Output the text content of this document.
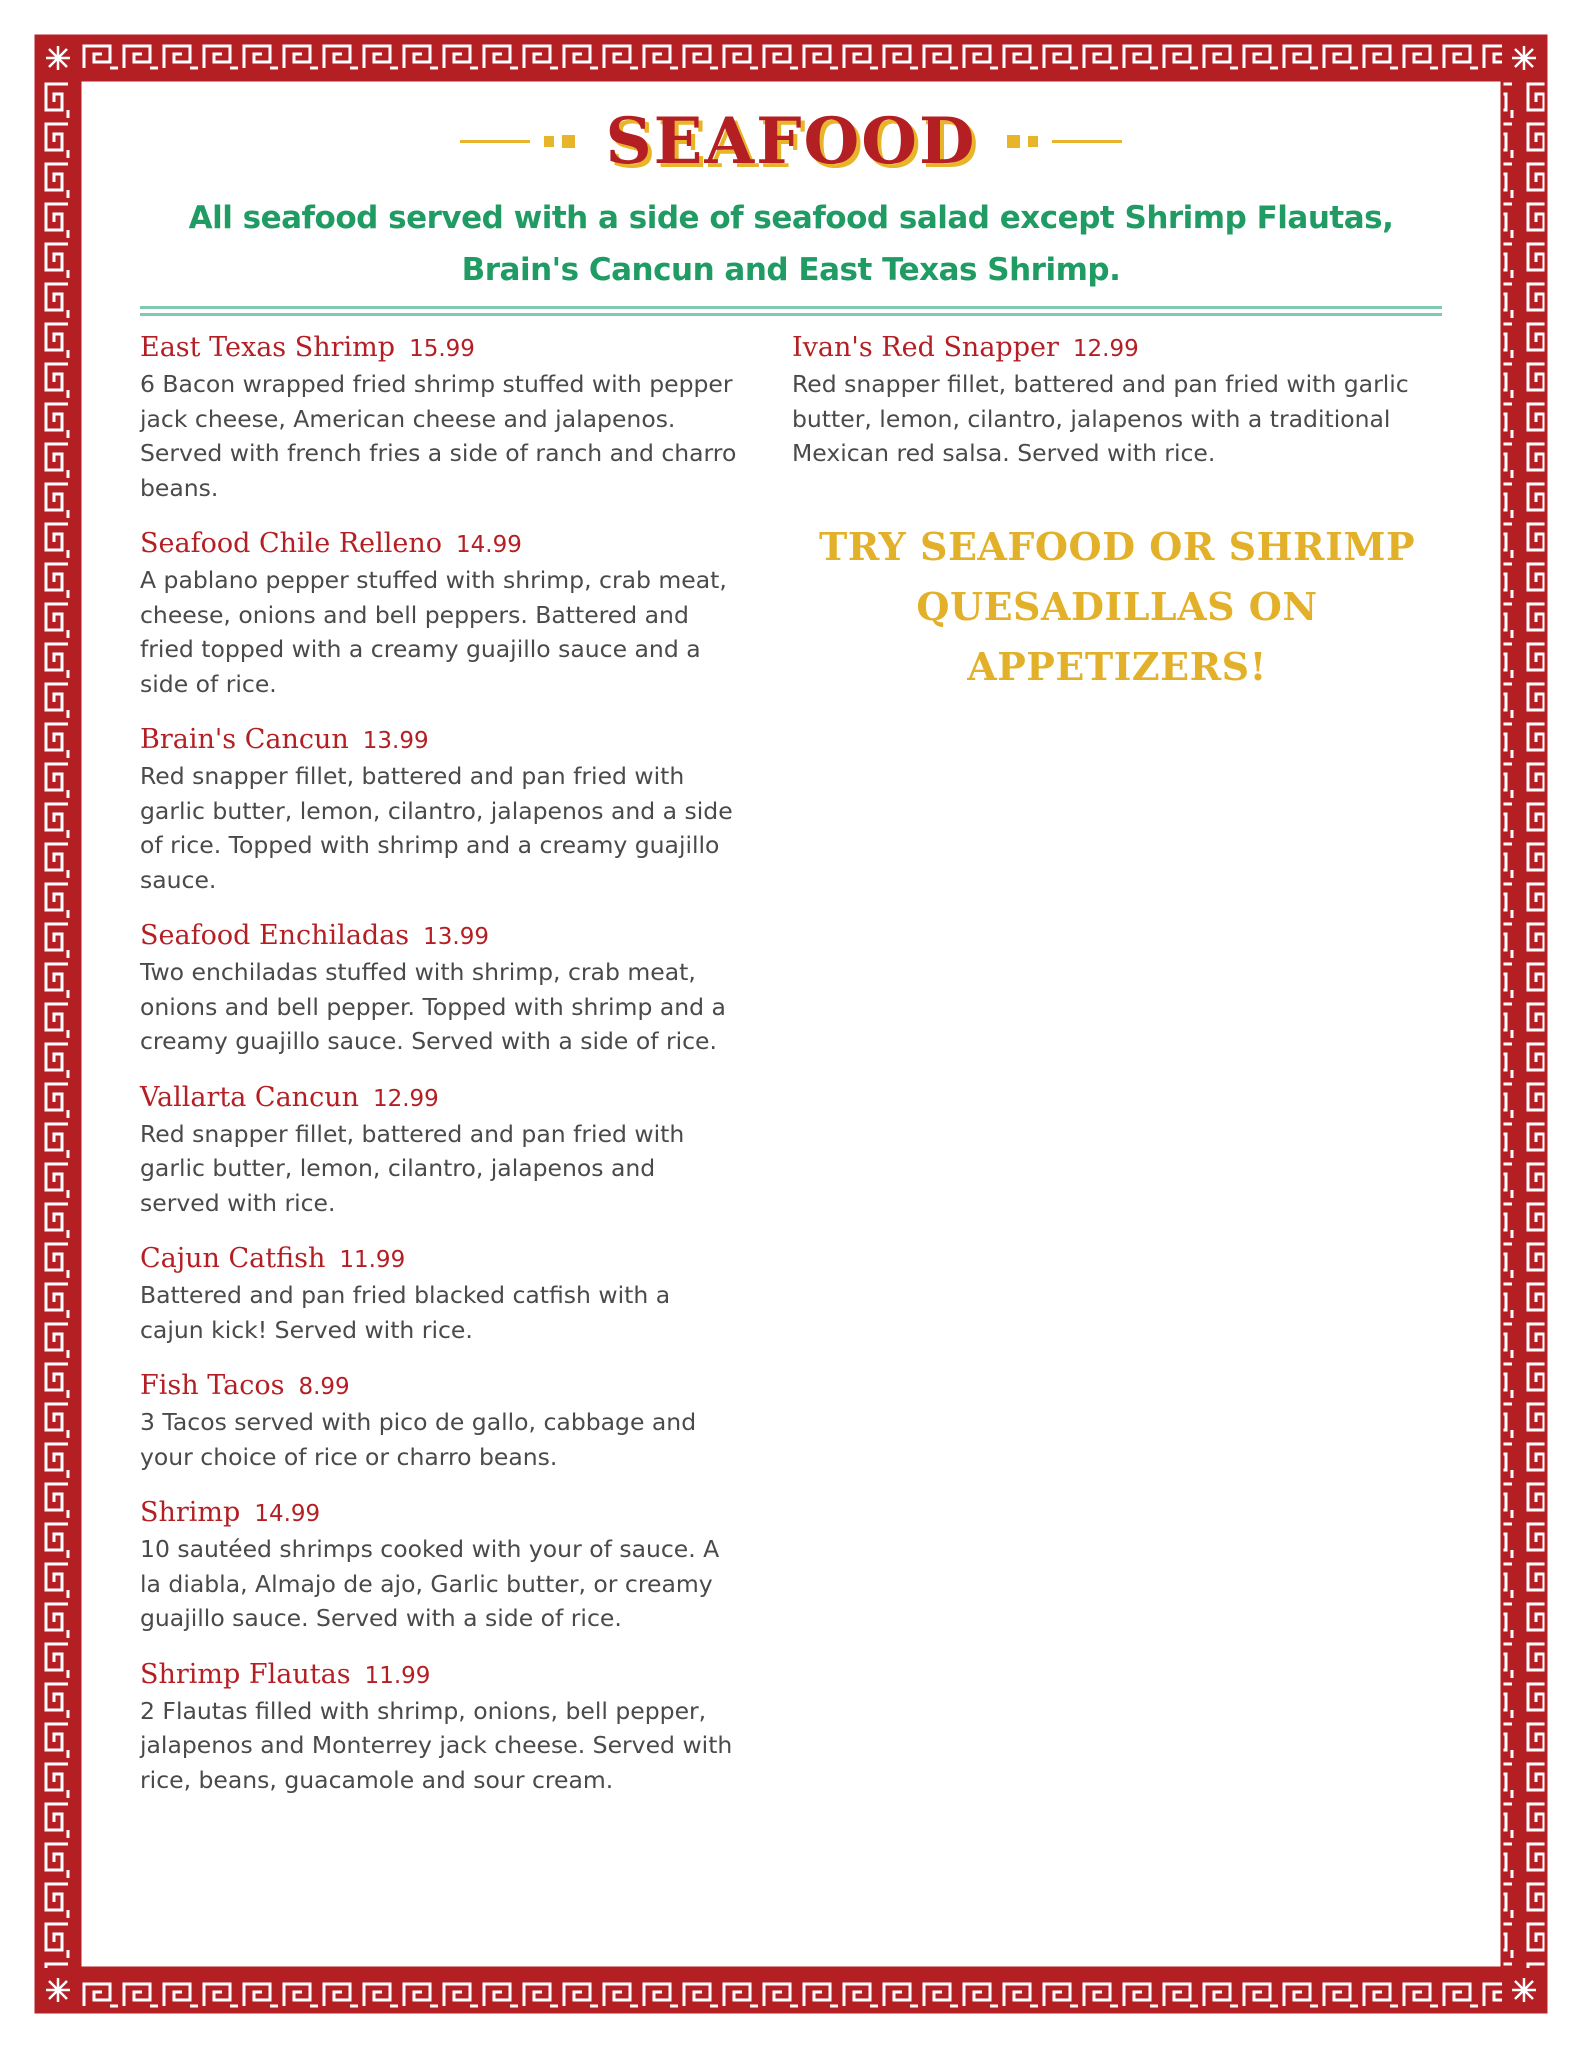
SEAFOOD
All seafood served with a side of seafood salad except Shrimp Flautas, Brain's Cancun and East Texas Shrimp.
East Texas Shrimp 15.99
6 Bacon wrapped fried shrimp stuffed with pepper jack cheese, American cheese and jalapenos. Served with french fries a side of ranch and charro beans.
Seafood Chile Relleno 14.99
A pablano pepper stuffed with shrimp, crab meat, cheese, onions and bell peppers. Battered and fried topped with a creamy guajillo sauce and a side of rice.
Brain's Cancun 13.99
Red snapper fillet, battered and pan fried with garlic butter, lemon, cilantro, jalapenos and a side of rice. Topped with shrimp and a creamy guajillo sauce.
Seafood Enchiladas 13.99
Two enchiladas stuffed with shrimp, crab meat, onions and bell pepper. Topped with shrimp and a creamy guajillo sauce. Served with a side of rice.
Vallarta Cancun 12.99
Red snapper fillet, battered and pan fried with garlic butter, lemon, cilantro, jalapenos and served with rice.
Cajun Catfish 11.99
Battered and pan fried blacked catfish with a cajun kick! Served with rice.
Fish Tacos 8.99
3 Tacos served with pico de gallo, cabbage and your choice of rice or charro beans.
Shrimp 14.99
10 sautéed shrimps cooked with your of sauce. A la diabla, Almajo de ajo, Garlic butter, or creamy guajillo sauce. Served with a side of rice.
Shrimp Flautas 11.99
2 Flautas filled with shrimp, onions, bell pepper, jalapenos and Monterrey jack cheese. Served with rice, beans, guacamole and sour cream.
Ivan's Red Snapper 12.99
Red snapper fillet, battered and pan fried with garlic butter, lemon, cilantro, jalapenos with a traditional Mexican red salsa. Served with rice.
TRY SEAFOOD OR SHRIMP
QUESADILLAS ON APPETIZERS!
